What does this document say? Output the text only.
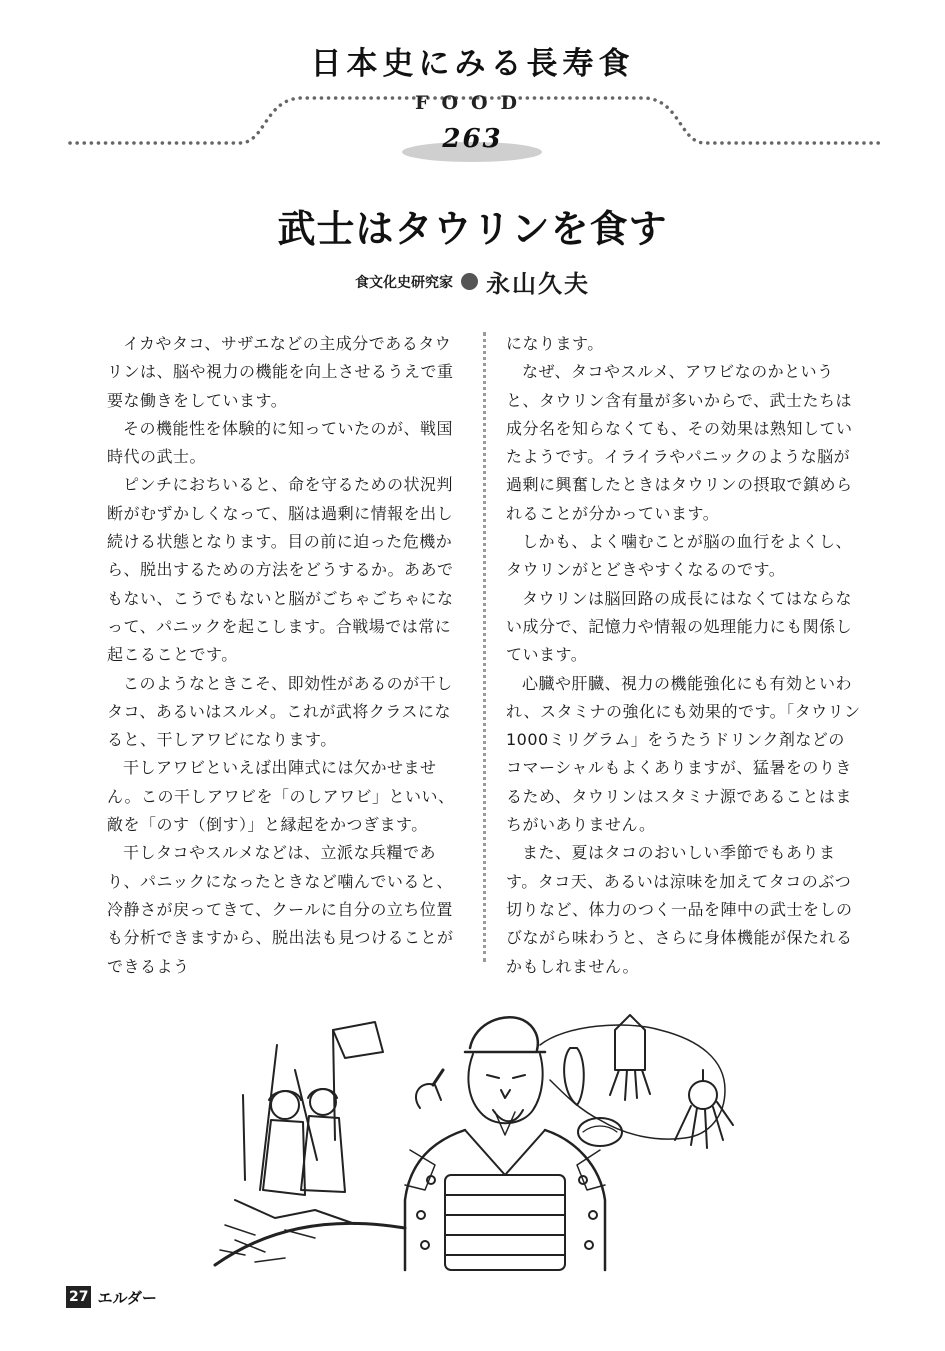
日本史にみる長寿食
FOOD
263
武士はタウリンを食す
食文化史研究家 永山久夫

イカやタコ、サザエなどの主成分であるタウリンは、脳や視力の機能を向上させるうえで重要な働きをしています。

その機能性を体験的に知っていたのが、戦国時代の武士。

ピンチにおちいると、命を守るための状況判断がむずかしくなって、脳は過剰に情報を出し続ける状態となります。目の前に迫った危機から、脱出するための方法をどうするか。ああでもない、こうでもないと脳がごちゃごちゃになって、パニックを起こします。合戦場では常に起こることです。

このようなときこそ、即効性があるのが干しタコ、あるいはスルメ。これが武将クラスになると、干しアワビになります。

干しアワビといえば出陣式には欠かせません。この干しアワビを「のしアワビ」といい、敵を「のす（倒す）」と縁起をかつぎます。

干しタコやスルメなどは、立派な兵糧であり、パニックになったときなど噛んでいると、冷静さが戻ってきて、クールに自分の立ち位置も分析できますから、脱出法も見つけることができるよう

になります。

なぜ、タコやスルメ、アワビなのかというと、タウリン含有量が多いからで、武士たちは成分名を知らなくても、その効果は熟知していたようです。イライラやパニックのような脳が過剰に興奮したときはタウリンの摂取で鎮められることが分かっています。

しかも、よく噛むことが脳の血行をよくし、タウリンがとどきやすくなるのです。

タウリンは脳回路の成長にはなくてはならない成分で、記憶力や情報の処理能力にも関係しています。

心臓や肝臓、視力の機能強化にも有効といわれ、スタミナの強化にも効果的です。「タウリン1000ミリグラム」をうたうドリンク剤などのコマーシャルもよくありますが、猛暑をのりきるため、タウリンはスタミナ源であることはまちがいありません。

また、夏はタコのおいしい季節でもあります。タコ天、あるいは涼味を加えてタコのぶつ切りなど、体力のつく一品を陣中の武士をしのびながら味わうと、さらに身体機能が保たれるかもしれません。

27 エルダー
